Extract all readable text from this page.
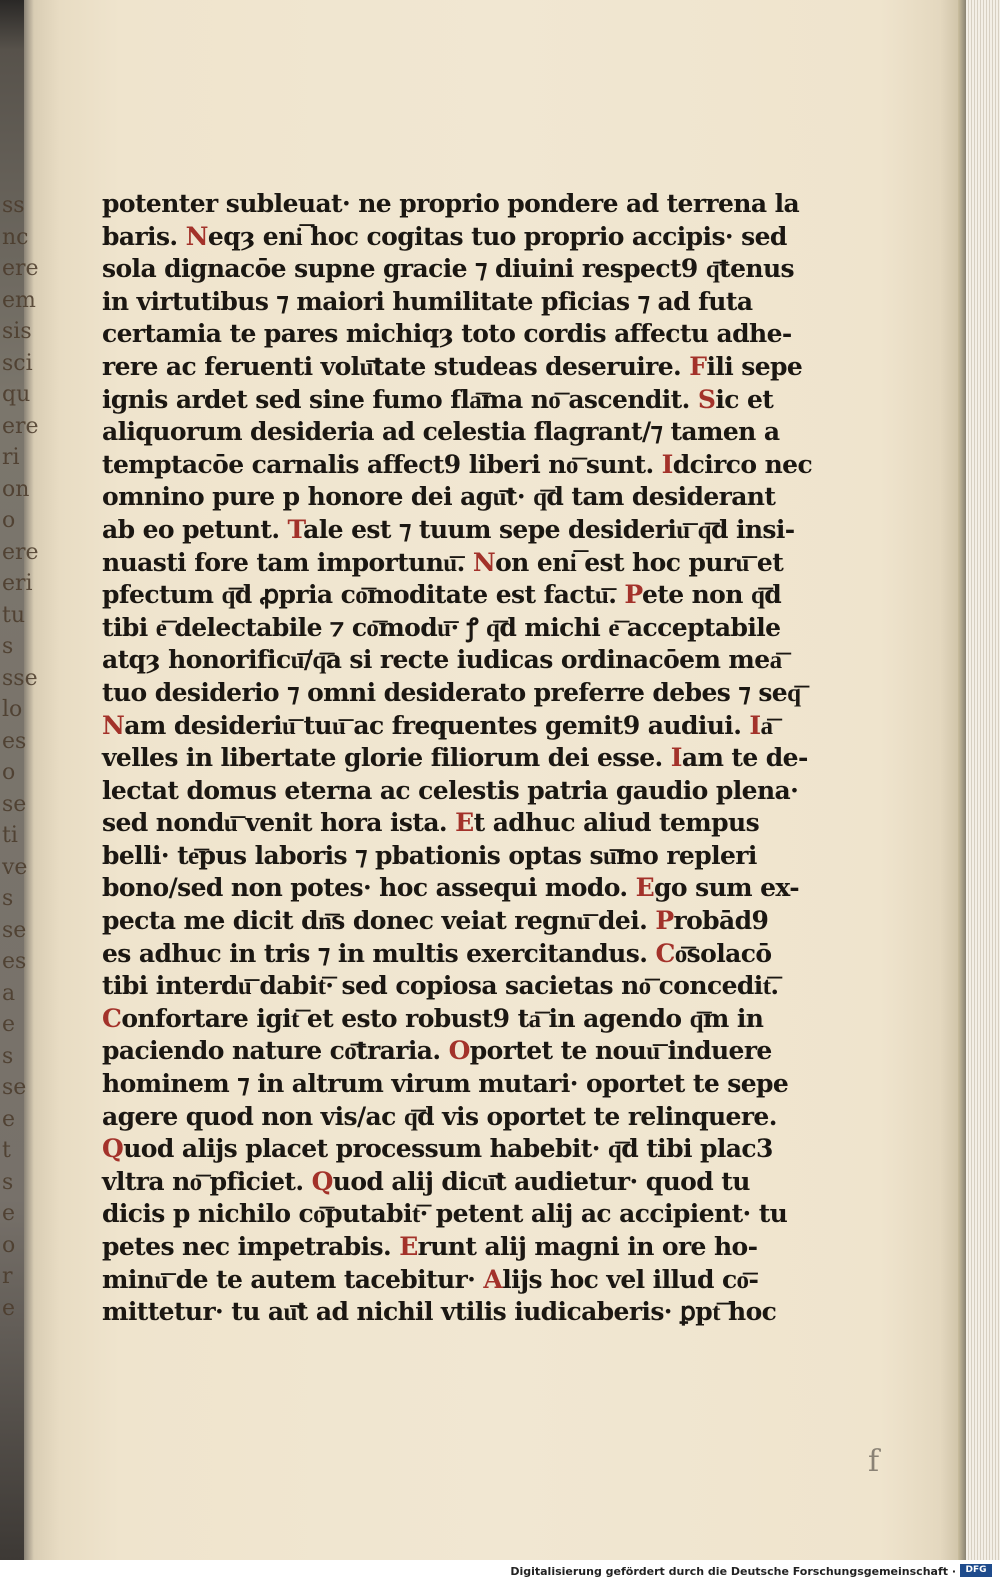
ss
nc
ere
em
sis
sci
qu
ere
ri
on
o
ere
eri
tu
s
sse
lo
es
o
se
ti
ve
s
se
es
a
e
s
se
e
t
s
e
o
r
e
potenter subleuat· ne proprio pondere ad terrena la
baris. Neqȝ eni͞ hoc cogitas tuo proprio accipis· sed
sola dignacōe supne gracie ⁊ diuini respect9 q͞tenus
in virtutibus ⁊ maiori humilitate pficias ⁊ ad futa
certamia te pares michiqȝ toto cordis affectu adhe-
rere ac feruenti volu͞tate studeas deseruire. Fili sepe
ignis ardet sed sine fumo fla͞ma no͞ ascendit. Sic et
aliquorum desideria ad celestia flagrant/⁊ tamen a
temptacōe carnalis affect9 liberi no͞ sunt. Idcirco nec
omnino pure p honore dei agu͞t· q͞d tam desiderant
ab eo petunt. Tale est ⁊ tuum sepe desideriu͞ q͞d insi-
nuasti fore tam importunu͞. Non eni͞ est hoc puru͞ et
pfectum q͞d ꝓpria co͞moditate est factu͞. Pete non q͞d
tibi e͞ delectabile ⁊ co͞modu͞· ꝭ q͞d michi e͞ acceptabile
atqȝ honorificu͞/q͞a si recte iudicas ordinacōem mea͞
tuo desiderio ⁊ omni desiderato preferre debes ⁊ seq͞
Nam desideriu͞ tuu͞ ac frequentes gemit9 audiui. Ia͞
velles in libertate glorie filiorum dei esse. Iam te de-
lectat domus eterna ac celestis patria gaudio plena·
sed nondu͞ venit hora ista. Et adhuc aliud tempus
belli· te͞pus laboris ⁊ pbationis optas su͞mo repleri
bono/sed non potes· hoc assequi modo. Ego sum ex-
pecta me dicit dn͞s donec veiat regnu͞ dei. Probād9
es adhuc in tris ⁊ in multis exercitandus. Co͞solacō
tibi interdu͞ dabit͞· sed copiosa sacietas no͞ concedit͞.
Confortare igit͞ et esto robust9 ta͞ in agendo q͞m in
paciendo nature co͞traria. Oportet te nouu͞ induere
hominem ⁊ in altrum virum mutari· oportet te sepe
agere quod non vis/ac q͞d vis oportet te relinquere.
Quod alijs placet processum habebit· q͞d tibi plac3
vltra no͞ pficiet. Quod alij dicu͞t audietur· quod tu
dicis p nichilo co͞putabit͞· petent alij ac accipient· tu
petes nec impetrabis. Erunt alij magni in ore ho-
minu͞ de te autem tacebitur· Alijs hoc vel illud co͞-
mittetur· tu au͞t ad nichil vtilis iudicaberis· ꝑpt͞ hoc
f
Digitalisierung gefördert durch die Deutsche Forschungsgemeinschaft ·	DFG
